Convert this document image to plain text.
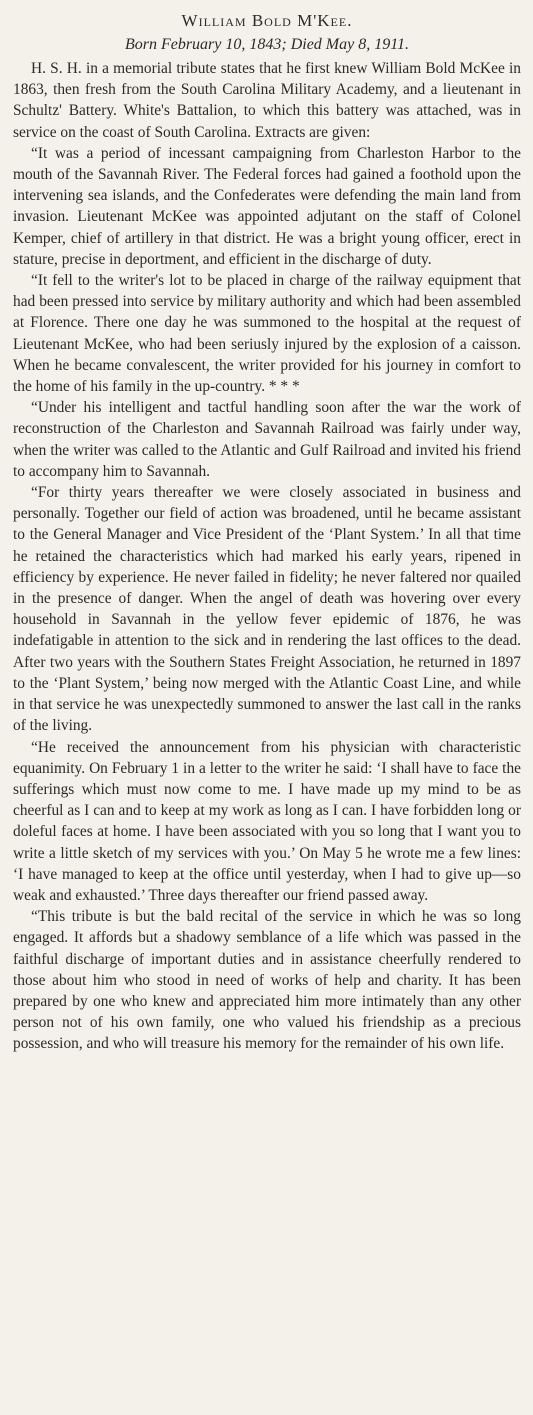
William Bold M'Kee.
Born February 10, 1843; Died May 8, 1911.

H. S. H. in a memorial tribute states that he first knew William Bold McKee in 1863, then fresh from the South Carolina Military Academy, and a lieutenant in Schultz' Battery. White's Battalion, to which this battery was attached, was in service on the coast of South Carolina. Extracts are given:

“It was a period of incessant campaigning from Charleston Harbor to the mouth of the Savannah River. The Federal forces had gained a foothold upon the intervening sea islands, and the Confederates were defending the main land from invasion. Lieutenant McKee was appointed adjutant on the staff of Colonel Kemper, chief of artillery in that district. He was a bright young officer, erect in stature, precise in deportment, and efficient in the discharge of duty.

“It fell to the writer's lot to be placed in charge of the railway equipment that had been pressed into service by military authority and which had been assembled at Florence. There one day he was summoned to the hospital at the request of Lieutenant McKee, who had been seriusly injured by the explosion of a caisson. When he became convalescent, the writer provided for his journey in comfort to the home of his family in the up-country. * * *

“Under his intelligent and tactful handling soon after the war the work of reconstruction of the Charleston and Savannah Railroad was fairly under way, when the writer was called to the Atlantic and Gulf Railroad and invited his friend to accompany him to Savannah.

“For thirty years thereafter we were closely associated in business and personally. Together our field of action was broadened, until he became assistant to the General Manager and Vice President of the ‘Plant System.’ In all that time he retained the characteristics which had marked his early years, ripened in efficiency by experience. He never failed in fidelity; he never faltered nor quailed in the presence of danger. When the angel of death was hovering over every household in Savannah in the yellow fever epidemic of 1876, he was indefatigable in attention to the sick and in rendering the last offices to the dead. After two years with the Southern States Freight Association, he returned in 1897 to the ‘Plant System,’ being now merged with the Atlantic Coast Line, and while in that service he was unexpectedly summoned to answer the last call in the ranks of the living.

“He received the announcement from his physician with characteristic equanimity. On February 1 in a letter to the writer he said: ‘I shall have to face the sufferings which must now come to me. I have made up my mind to be as cheerful as I can and to keep at my work as long as I can. I have forbidden long or doleful faces at home. I have been associated with you so long that I want you to write a little sketch of my services with you.’ On May 5 he wrote me a few lines: ‘I have managed to keep at the office until yesterday, when I had to give up—so weak and exhausted.’ Three days thereafter our friend passed away.

“This tribute is but the bald recital of the service in which he was so long engaged. It affords but a shadowy semblance of a life which was passed in the faithful discharge of important duties and in assistance cheerfully rendered to those about him who stood in need of works of help and charity. It has been prepared by one who knew and appreciated him more intimately than any other person not of his own family, one who valued his friendship as a precious possession, and who will treasure his memory for the remainder of his own life.
